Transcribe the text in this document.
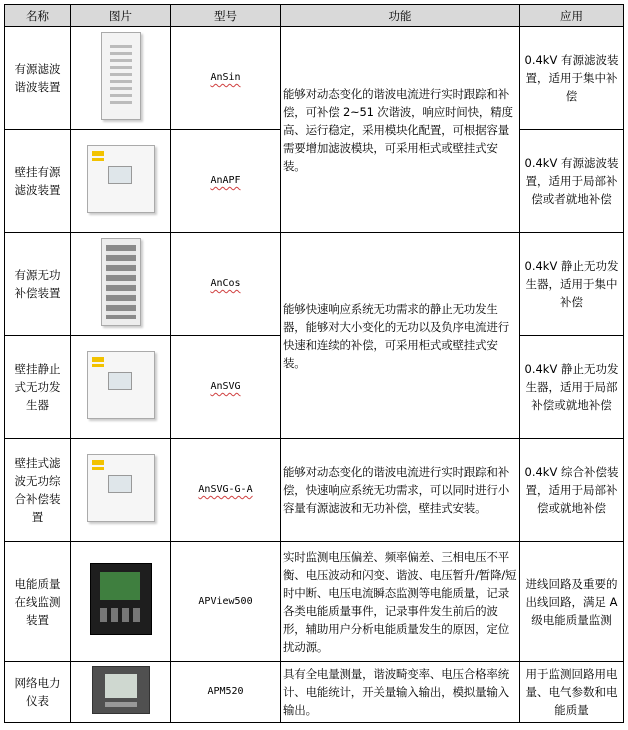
名称	图片	型号	功能	应用
有源滤波谐波装置		AnSin	能够对动态变化的谐波电流进行实时跟踪和补偿，可补偿 2~51 次谐波，响应时间快，精度高、运行稳定，采用模块化配置，可根据容量需要增加滤波模块，可采用柜式或壁挂式安装。	0.4kV 有源滤波装置，适用于集中补偿
壁挂有源滤波装置		AnAPF		0.4kV 有源滤波装置，适用于局部补偿或者就地补偿
有源无功补偿装置		AnCos	能够快速响应系统无功需求的静止无功发生器，能够对大小变化的无功以及负序电流进行快速和连续的补偿，可采用柜式或壁挂式安装。	0.4kV 静止无功发生器，适用于集中补偿
壁挂静止式无功发生器		AnSVG		0.4kV 静止无功发生器，适用于局部补偿或就地补偿
壁挂式滤波无功综合补偿装置		AnSVG-G-A	能够对动态变化的谐波电流进行实时跟踪和补偿，快速响应系统无功需求，可以同时进行小容量有源滤波和无功补偿，壁挂式安装。	0.4kV 综合补偿装置，适用于局部补偿或就地补偿
电能质量在线监测装置		APView500	实时监测电压偏差、频率偏差、三相电压不平衡、电压波动和闪变、谐波、电压暂升/暂降/短时中断、电压电流瞬态监测等电能质量，记录各类电能质量事件，记录事件发生前后的波形，辅助用户分析电能质量发生的原因，定位扰动源。	进线回路及重要的出线回路，满足 A 级电能质量监测
网络电力仪表		APM520	具有全电量测量，谐波畸变率、电压合格率统计、电能统计，开关量输入输出，模拟量输入输出。	用于监测回路用电量、电气参数和电能质量
